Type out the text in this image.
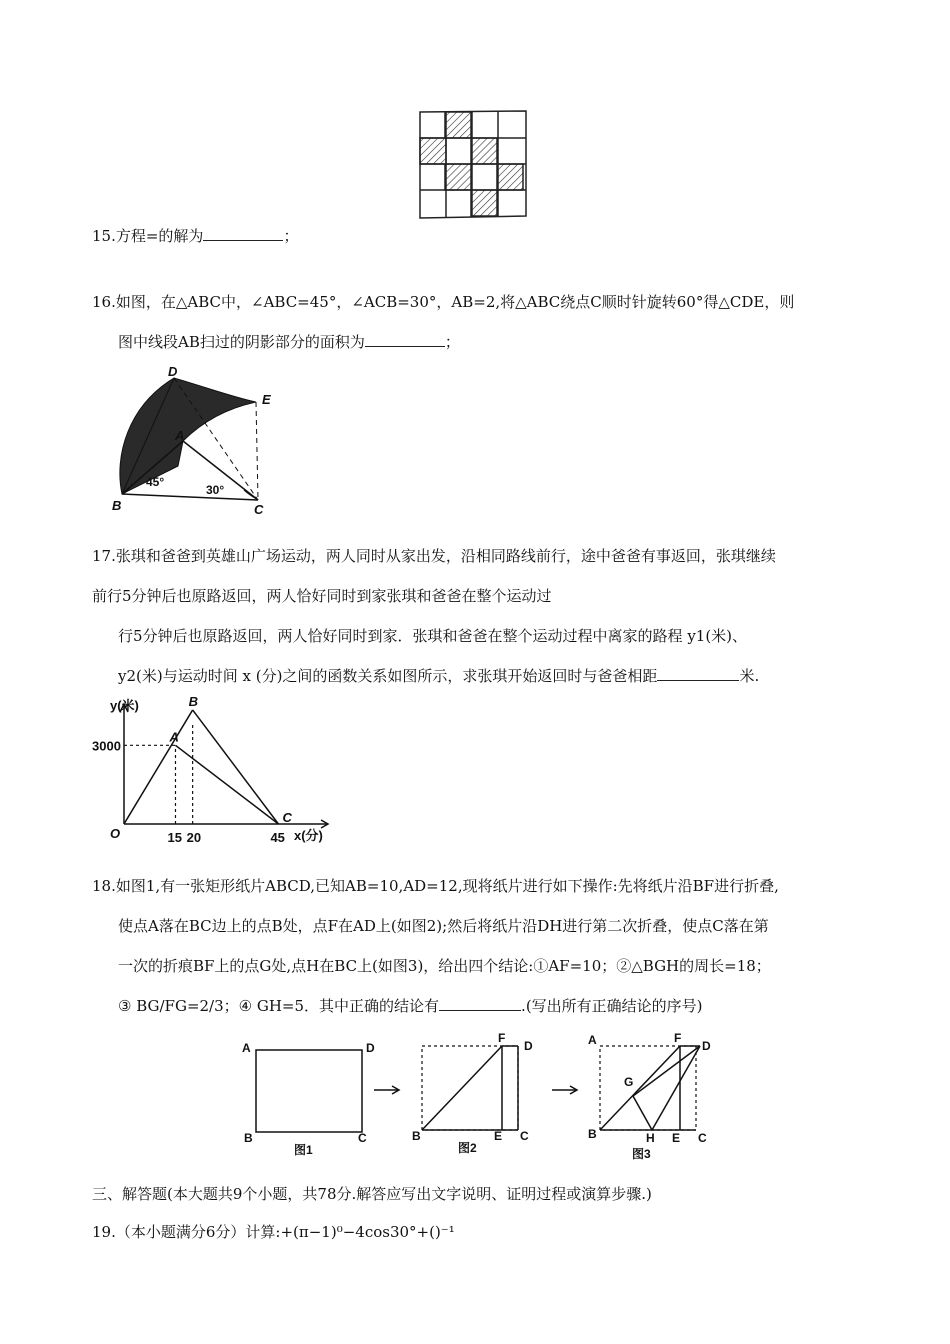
15.方程=的解为	；
16.如图，在△ABC中，∠ABC=45°，∠ACB=30°，AB=2,将△ABC绕点C顺时针旋转60°得△CDE，则
图中线段AB扫过的阴影部分的面积为	；
D
E
A
B	C
45°
30°
17.张琪和爸爸到英雄山广场运动，两人同时从家出发，沿相同路线前行，途中爸爸有事返回，张琪继续
前行5分钟后也原路返回，两人恰好同时到家张琪和爸爸在整个运动过
行5分钟后也原路返回，两人恰好同时到家．张琪和爸爸在整个运动过程中离家的路程 y1(米)、
y2(米)与运动时间 x (分)之间的函数关系如图所示，求张琪开始返回时与爸爸相距	米.
A
B
C
3000
15 20	45
y(米)
x(分)
O
18.如图1,有一张矩形纸片ABCD,已知AB=10,AD=12,现将纸片进行如下操作:先将纸片沿BF进行折叠,
使点A落在BC边上的点B处，点F在AD上(如图2);然后将纸片沿DH进行第二次折叠，使点C落在第
一次的折痕BF上的点G处,点H在BC上(如图3)，给出四个结论:①AF=10；②△BGH的周长=18；
③ BG/FG=2/3；④ GH=5．其中正确的结论有	.(写出所有正确结论的序号)
A	D
B	C
图1
F
D
B	E C
图2
A	F
D
G
B	H E C
图3
三、解答题(本大题共9个小题，共78分.解答应写出文字说明、证明过程或演算步骤.)
19.（本小题满分6分）计算:+(π−1)⁰−4cos30°+()⁻¹
